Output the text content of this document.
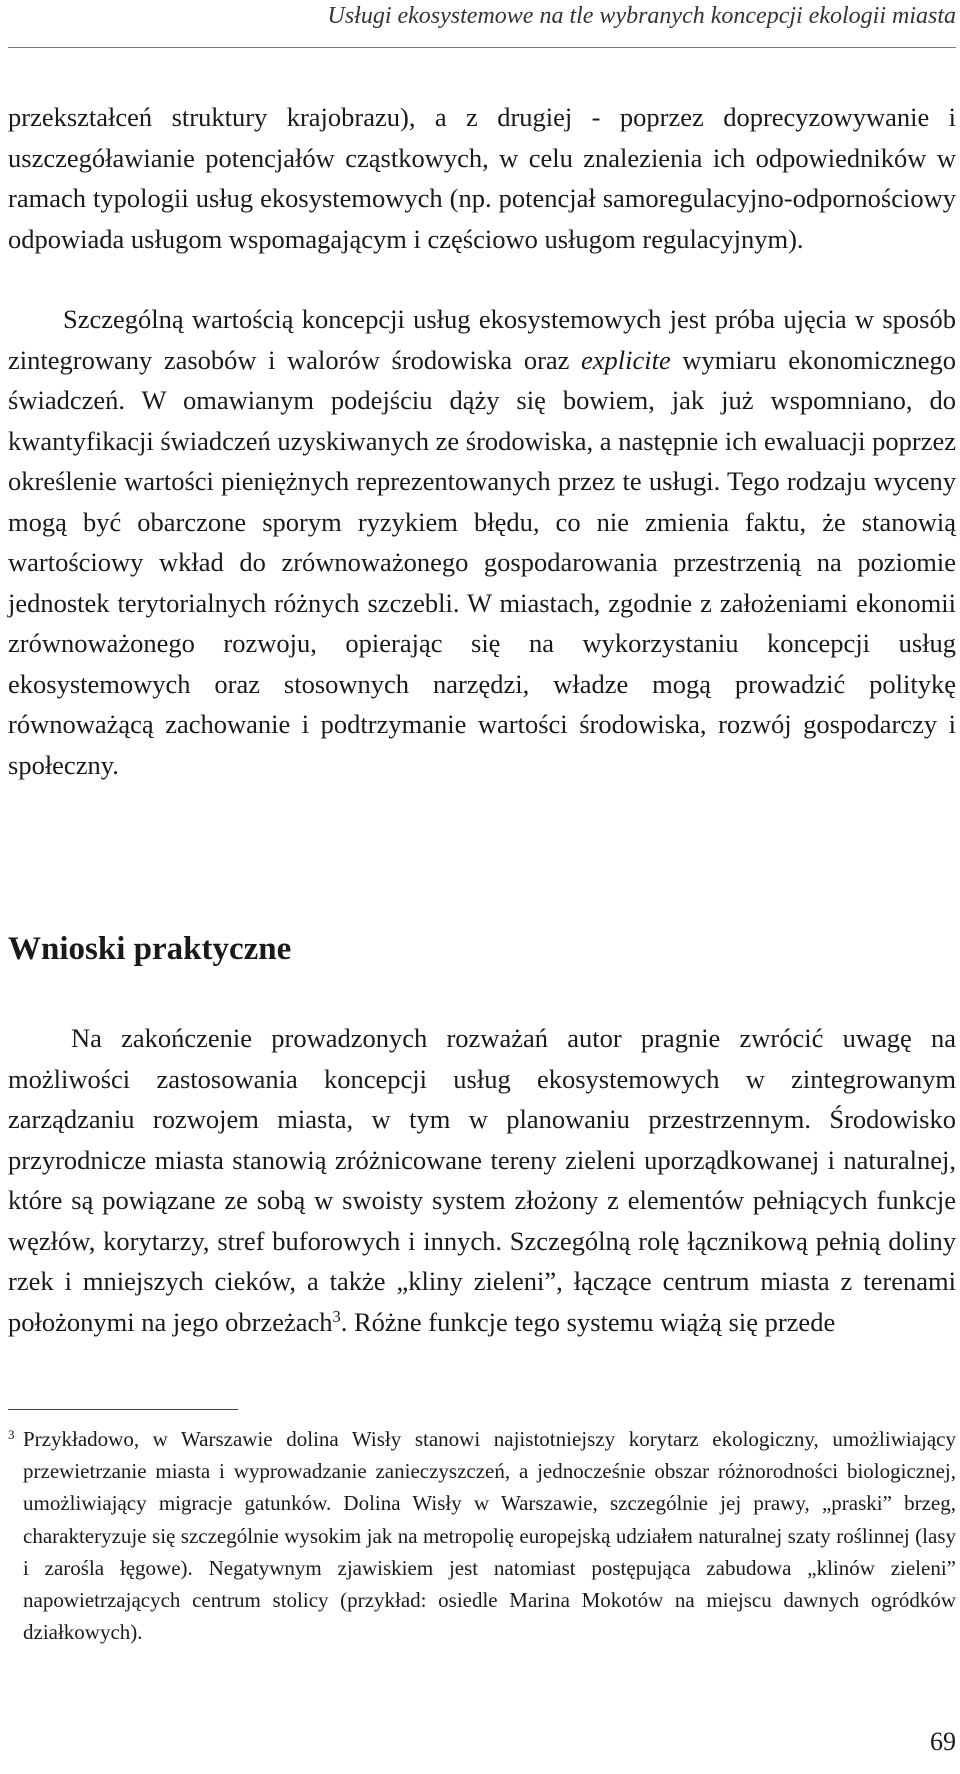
Usługi ekosystemowe na tle wybranych koncepcji ekologii miasta

przekształceń struktury krajobrazu), a z drugiej - poprzez doprecyzowywanie i uszczegóławianie potencjałów cząstkowych, w celu znalezienia ich odpowiedników w ramach typologii usług ekosystemowych (np. potencjał samoregulacyjno-odpornościowy odpowiada usługom wspomagającym i częściowo usługom regulacyjnym).

Szczególną wartością koncepcji usług ekosystemowych jest próba ujęcia w sposób zintegrowany zasobów i walorów środowiska oraz explicite wymiaru ekonomicznego świadczeń. W omawianym podejściu dąży się bowiem, jak już wspomniano, do kwantyfikacji świadczeń uzyskiwanych ze środowiska, a następnie ich ewaluacji poprzez określenie wartości pieniężnych reprezentowanych przez te usługi. Tego rodzaju wyceny mogą być obarczone sporym ryzykiem błędu, co nie zmienia faktu, że stanowią wartościowy wkład do zrównoważonego gospodarowania przestrzenią na poziomie jednostek terytorialnych różnych szczebli. W miastach, zgodnie z założeniami ekonomii zrównoważonego rozwoju, opierając się na wykorzystaniu koncepcji usług ekosystemowych oraz stosownych narzędzi, władze mogą prowadzić politykę równoważącą zachowanie i podtrzymanie wartości środowiska, rozwój gospodarczy i społeczny.

Wnioski praktyczne

Na zakończenie prowadzonych rozważań autor pragnie zwrócić uwagę na możliwości zastosowania koncepcji usług ekosystemowych w zintegrowanym zarządzaniu rozwojem miasta, w tym w planowaniu przestrzennym. Środowisko przyrodnicze miasta stanowią zróżnicowane tereny zieleni uporządkowanej i naturalnej, które są powiązane ze sobą w swoisty system złożony z elementów pełniących funkcje węzłów, korytarzy, stref buforowych i innych. Szczególną rolę łącznikową pełnią doliny rzek i mniejszych cieków, a także „kliny zieleni”, łączące centrum miasta z terenami położonymi na jego obrzeżach$^3$. Różne funkcje tego systemu wiążą się przede

$^3$ Przykładowo, w Warszawie dolina Wisły stanowi najistotniejszy korytarz ekologiczny, umożliwiający przewietrzanie miasta i wyprowadzanie zanieczyszczeń, a jednocześnie obszar różnorodności biologicznej, umożliwiający migracje gatunków. Dolina Wisły w Warszawie, szczególnie jej prawy, „praski” brzeg, charakteryzuje się szczególnie wysokim jak na metropolię europejską udziałem naturalnej szaty roślinnej (lasy i zarośla łęgowe). Negatywnym zjawiskiem jest natomiast postępująca zabudowa „klinów zieleni” napowietrzających centrum stolicy (przykład: osiedle Marina Mokotów na miejscu dawnych ogródków działkowych).

69
